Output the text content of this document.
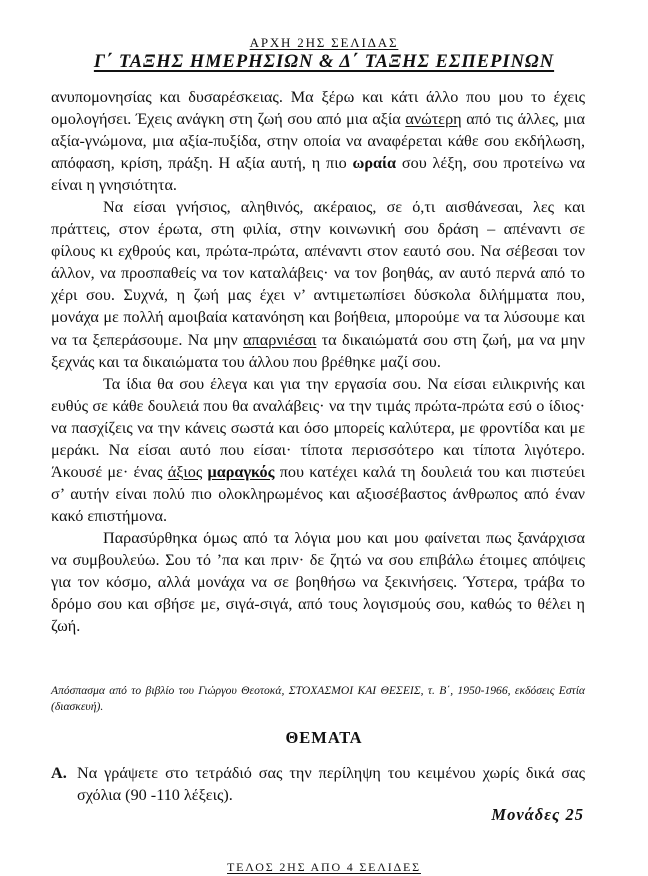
ΑΡΧΗ 2ΗΣ ΣΕΛΙΔΑΣ
Γ΄ ΤΑΞΗΣ ΗΜΕΡΗΣΙΩΝ & Δ΄ ΤΑΞΗΣ ΕΣΠΕΡΙΝΩΝ

ανυπομονησίας και δυσαρέσκειας. Μα ξέρω και κάτι άλλο που μου το έχεις ομολογήσει. Έχεις ανάγκη στη ζωή σου από μια αξία ανώτερη από τις άλλες, μια αξία-γνώμονα, μια αξία-πυξίδα, στην οποία να αναφέρεται κάθε σου εκδήλωση, απόφαση, κρίση, πράξη. Η αξία αυτή, η πιο ωραία σου λέξη, σου προτείνω να είναι η γνησιότητα.

Να είσαι γνήσιος, αληθινός, ακέραιος, σε ό,τι αισθάνεσαι, λες και πράττεις, στον έρωτα, στη φιλία, στην κοινωνική σου δράση – απέναντι σε φίλους κι εχθρούς και, πρώτα-πρώτα, απέναντι στον εαυτό σου. Να σέβεσαι τον άλλον, να προσπαθείς να τον καταλάβεις· να τον βοηθάς, αν αυτό περνά από το χέρι σου. Συχνά, η ζωή μας έχει ν’ αντιμετωπίσει δύσκολα διλήμματα που, μονάχα με πολλή αμοιβαία κατανόηση και βοήθεια, μπορούμε να τα λύσουμε και να τα ξεπεράσουμε. Να μην απαρνιέσαι τα δικαιώματά σου στη ζωή, μα να μην ξεχνάς και τα δικαιώματα του άλλου που βρέθηκε μαζί σου.

Τα ίδια θα σου έλεγα και για την εργασία σου. Να είσαι ειλικρινής και ευθύς σε κάθε δουλειά που θα αναλάβεις· να την τιμάς πρώτα-πρώτα εσύ ο ίδιος· να πασχίζεις να την κάνεις σωστά και όσο μπορείς καλύτερα, με φροντίδα και με μεράκι. Να είσαι αυτό που είσαι· τίποτα περισσότερο και τίποτα λιγότερο. Άκουσέ με· ένας άξιος μαραγκός που κατέχει καλά τη δουλειά του και πιστεύει σ’ αυτήν είναι πολύ πιο ολοκληρωμένος και αξιοσέβαστος άνθρωπος από έναν κακό επιστήμονα.

Παρασύρθηκα όμως από τα λόγια μου και μου φαίνεται πως ξανάρχισα να συμβουλεύω. Σου τό ’πα και πριν· δε ζητώ να σου επιβάλω έτοιμες απόψεις για τον κόσμο, αλλά μονάχα να σε βοηθήσω να ξεκινήσεις. Ύστερα, τράβα το δρόμο σου και σβήσε με, σιγά-σιγά, από τους λογισμούς σου, καθώς το θέλει η ζωή.

Απόσπασμα από το βιβλίο του Γιώργου Θεοτοκά, ΣΤΟΧΑΣΜΟΙ ΚΑΙ ΘΕΣΕΙΣ, τ. Β΄, 1950-1966, εκδόσεις Εστία (διασκευή).
ΘΕΜΑΤΑ
Α. Να γράψετε στο τετράδιό σας την περίληψη του κειμένου χωρίς δικά σας σχόλια (90 -110 λέξεις).
Μονάδες 25
ΤΕΛΟΣ 2ΗΣ ΑΠΟ 4 ΣΕΛΙΔΕΣ
